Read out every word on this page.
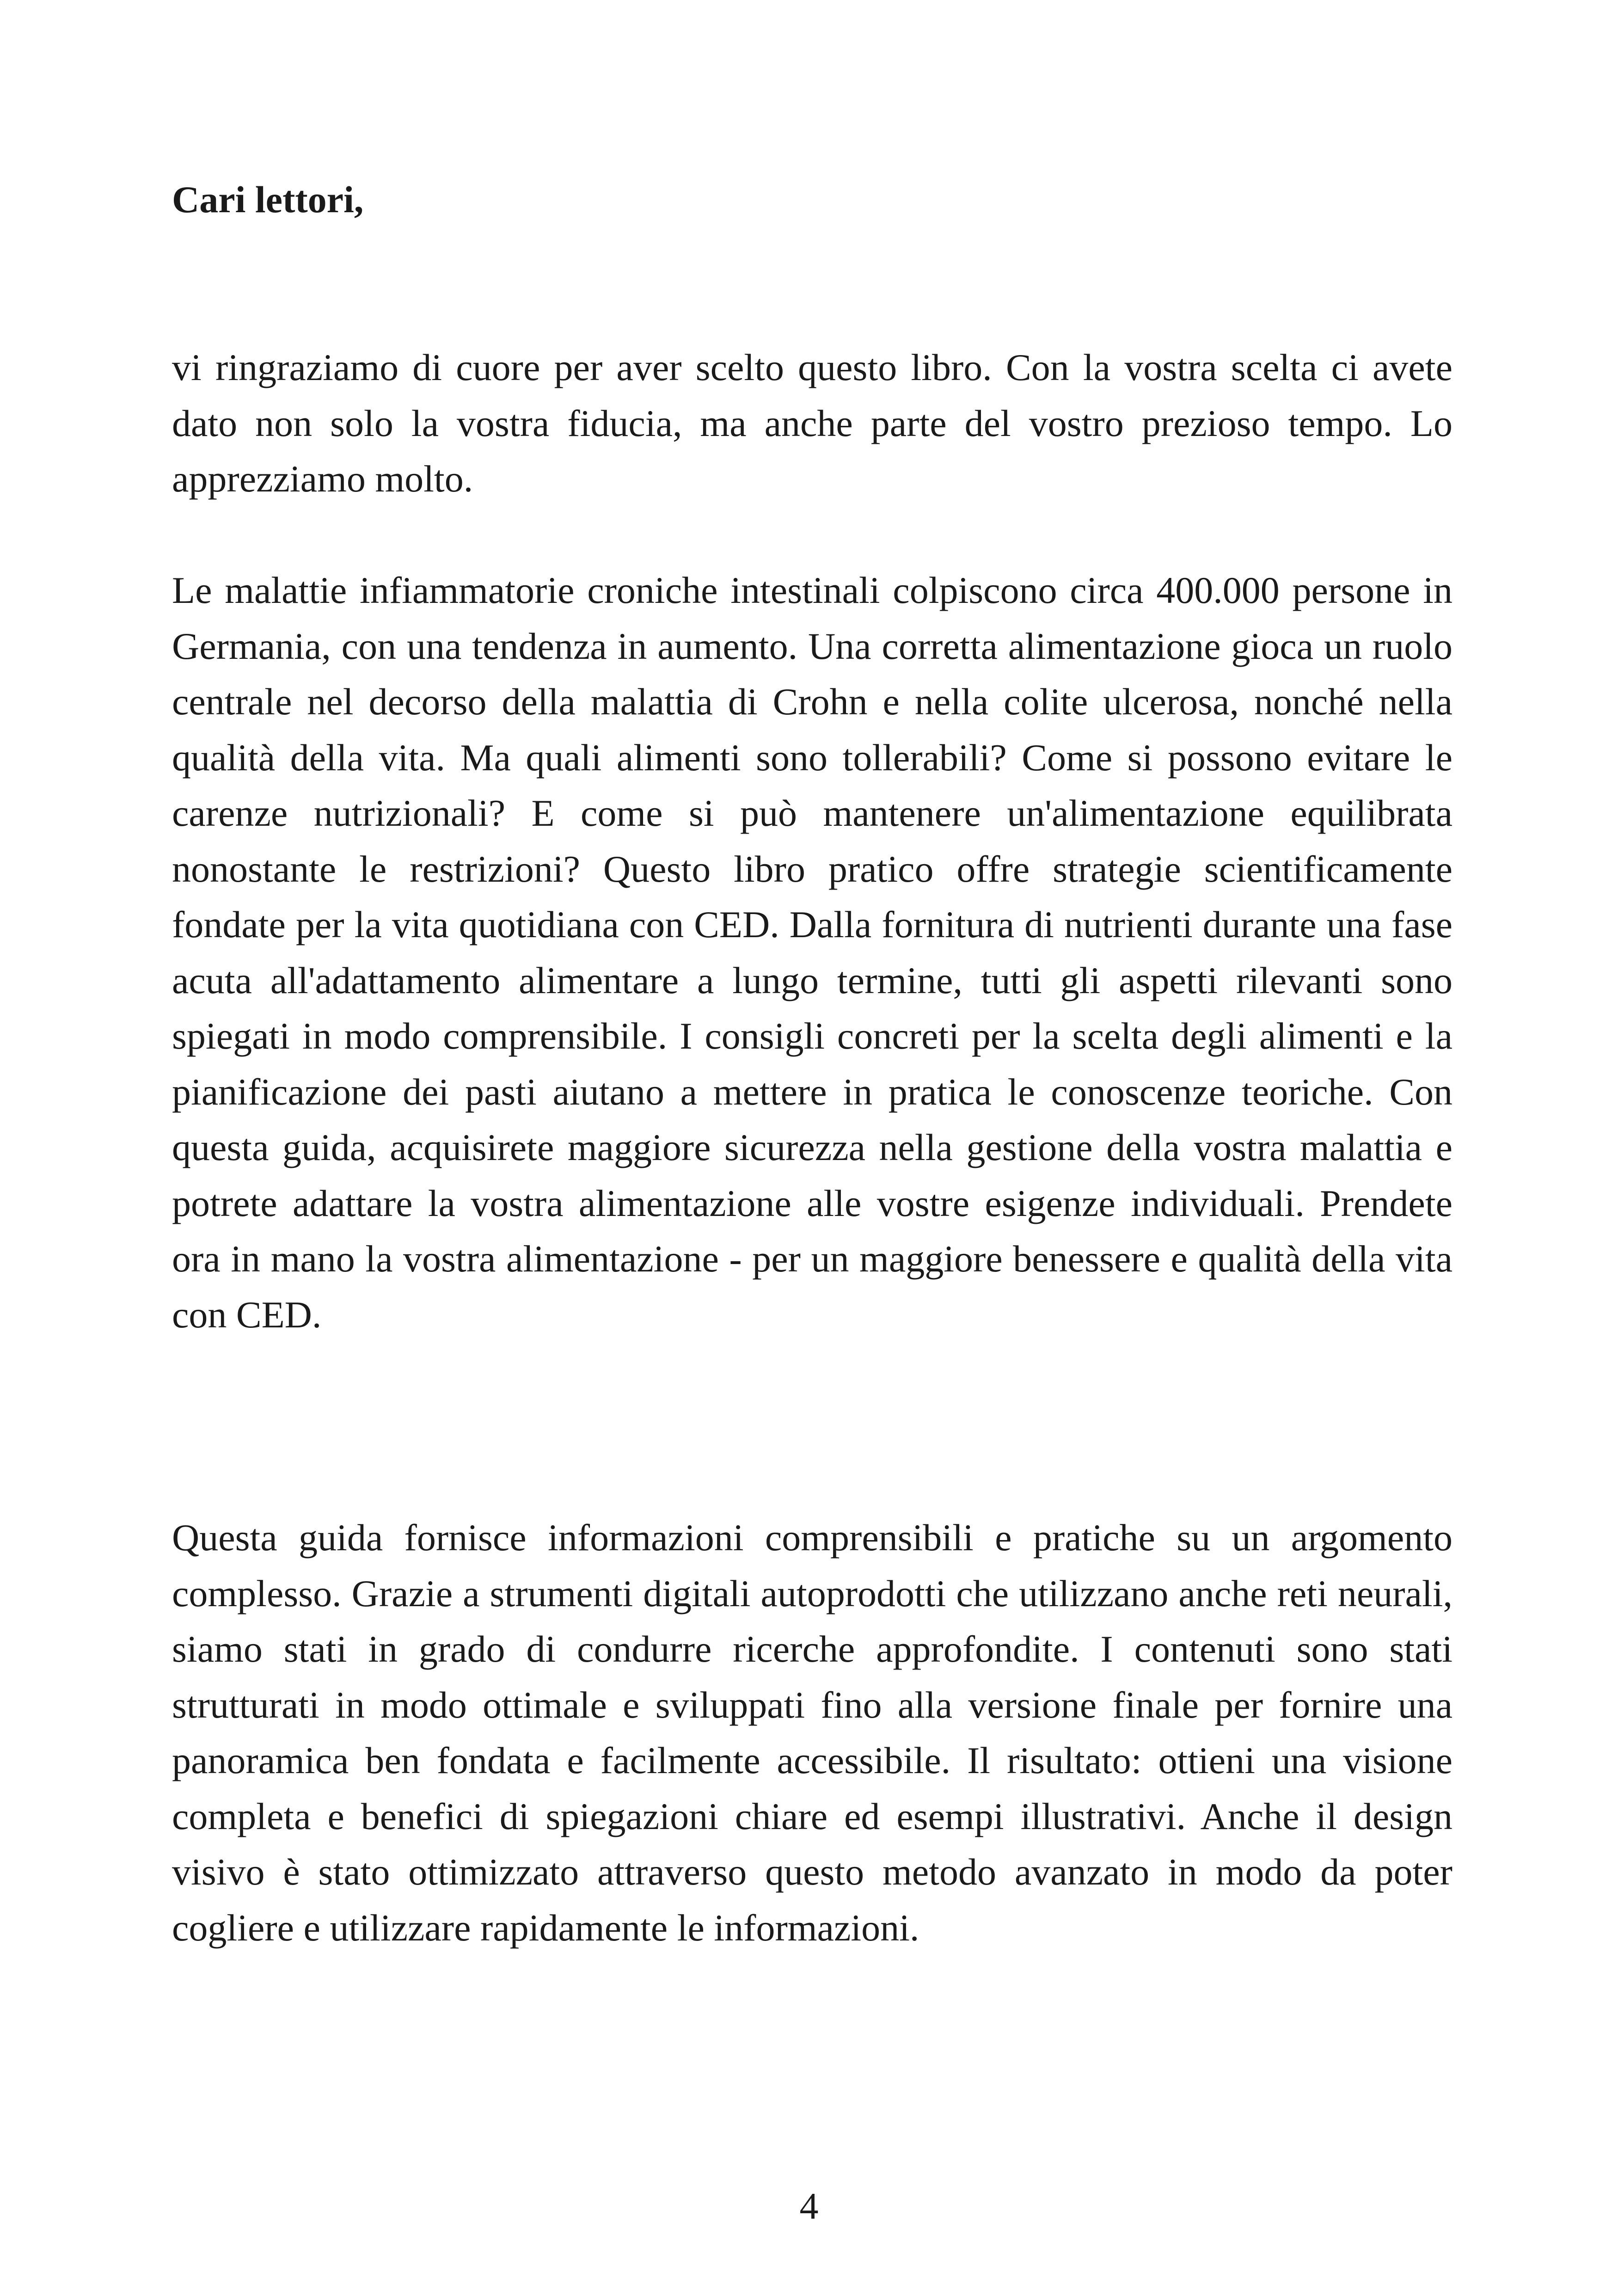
Cari lettori,

vi ringraziamo di cuore per aver scelto questo libro. Con la vostra scelta ci avete dato non solo la vostra fiducia, ma anche parte del vostro prezioso tempo. Lo apprezziamo molto.

Le malattie infiammatorie croniche intestinali colpiscono circa 400.000 persone in Germania, con una tendenza in aumento. Una corretta alimentazione gioca un ruolo centrale nel decorso della malattia di Crohn e nella colite ulcerosa, nonché nella qualità della vita. Ma quali alimenti sono tollerabili? Come si possono evitare le carenze nutrizionali? E come si può mantenere un'alimentazione equilibrata nonostante le restrizioni? Questo libro pratico offre strategie scientificamente fondate per la vita quotidiana con CED. Dalla fornitura di nutrienti durante una fase acuta all'adattamento alimentare a lungo termine, tutti gli aspetti rilevanti sono spiegati in modo comprensibile. I consigli concreti per la scelta degli alimenti e la pianificazione dei pasti aiutano a mettere in pratica le conoscenze teoriche. Con questa guida, acquisirete maggiore sicurezza nella gestione della vostra malattia e potrete adattare la vostra alimentazione alle vostre esigenze individuali. Prendete ora in mano la vostra alimentazione - per un maggiore benessere e qualità della vita con CED.

Questa guida fornisce informazioni comprensibili e pratiche su un argomento complesso. Grazie a strumenti digitali autoprodotti che utilizzano anche reti neurali, siamo stati in grado di condurre ricerche approfondite. I contenuti sono stati strutturati in modo ottimale e sviluppati fino alla versione finale per fornire una panoramica ben fondata e facilmente accessibile. Il risultato: ottieni una visione completa e benefici di spiegazioni chiare ed esempi illustrativi. Anche il design visivo è stato ottimizzato attraverso questo metodo avanzato in modo da poter cogliere e utilizzare rapidamente le informazioni.

4
